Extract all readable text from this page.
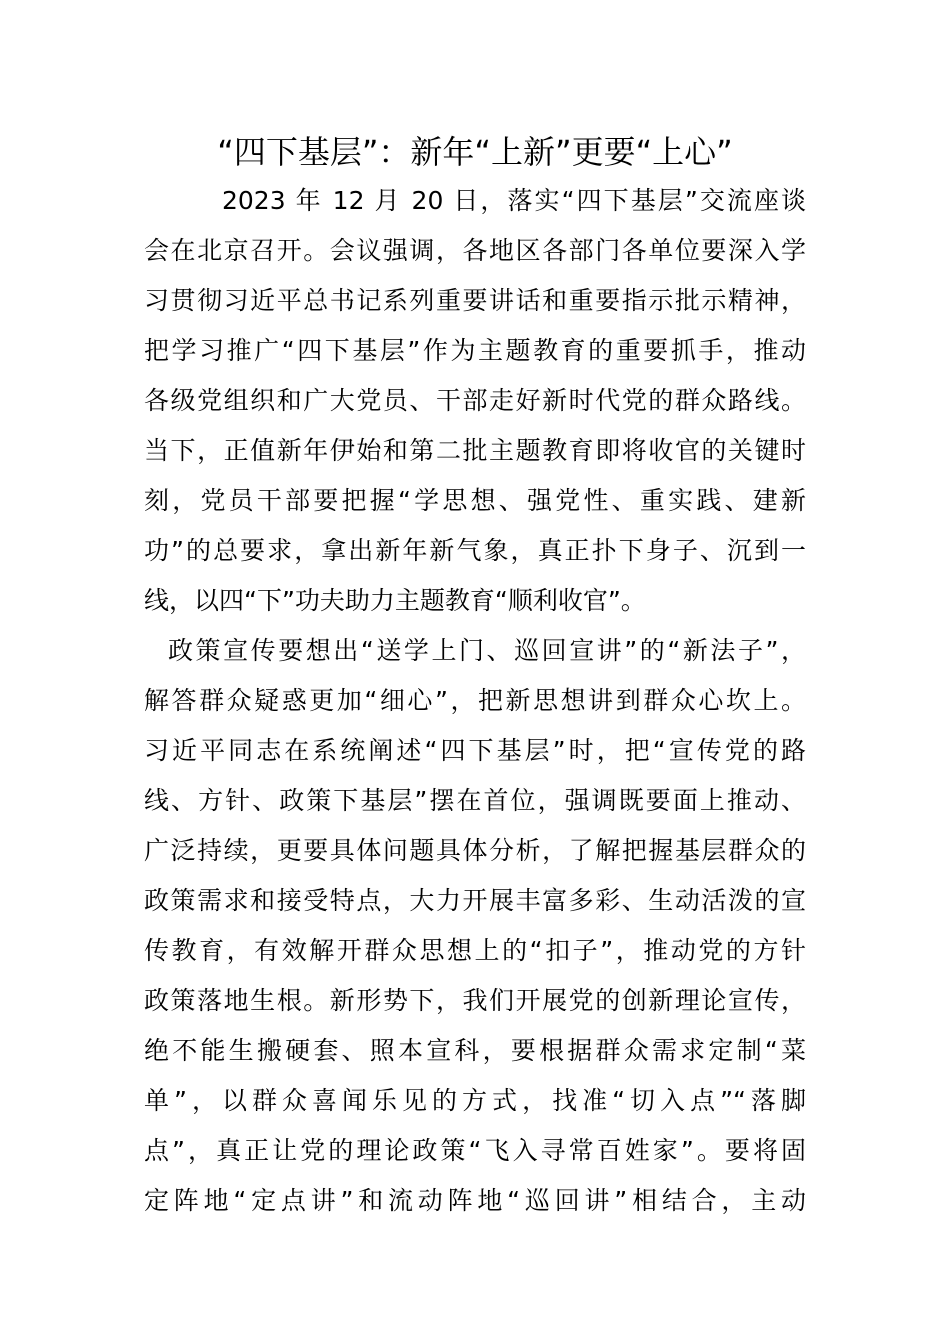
“四下基层”：新年“上新”更要“上心”
2023 年 12 月 20 日，落实“四下基层”交流座谈
会在北京召开。会议强调，各地区各部门各单位要深入学
习贯彻习近平总书记系列重要讲话和重要指示批示精神，
把学习推广“四下基层”作为主题教育的重要抓手，推动
各级党组织和广大党员、干部走好新时代党的群众路线。
当下，正值新年伊始和第二批主题教育即将收官的关键时
刻，党员干部要把握“学思想、强党性、重实践、建新
功”的总要求，拿出新年新气象，真正扑下身子、沉到一
线，以四“下”功夫助力主题教育“顺利收官”。
政策宣传要想出“送学上门、巡回宣讲”的“新法子”，
解答群众疑惑更加“细心”，把新思想讲到群众心坎上。
习近平同志在系统阐述“四下基层”时，把“宣传党的路
线、方针、政策下基层”摆在首位，强调既要面上推动、
广泛持续，更要具体问题具体分析，了解把握基层群众的
政策需求和接受特点，大力开展丰富多彩、生动活泼的宣
传教育，有效解开群众思想上的“扣子”，推动党的方针
政策落地生根。新形势下，我们开展党的创新理论宣传，
绝不能生搬硬套、照本宣科，要根据群众需求定制“菜
单”，以群众喜闻乐见的方式，找准“切入点”“落脚
点”，真正让党的理论政策“飞入寻常百姓家”。要将固
定阵地“定点讲”和流动阵地“巡回讲”相结合，主动
